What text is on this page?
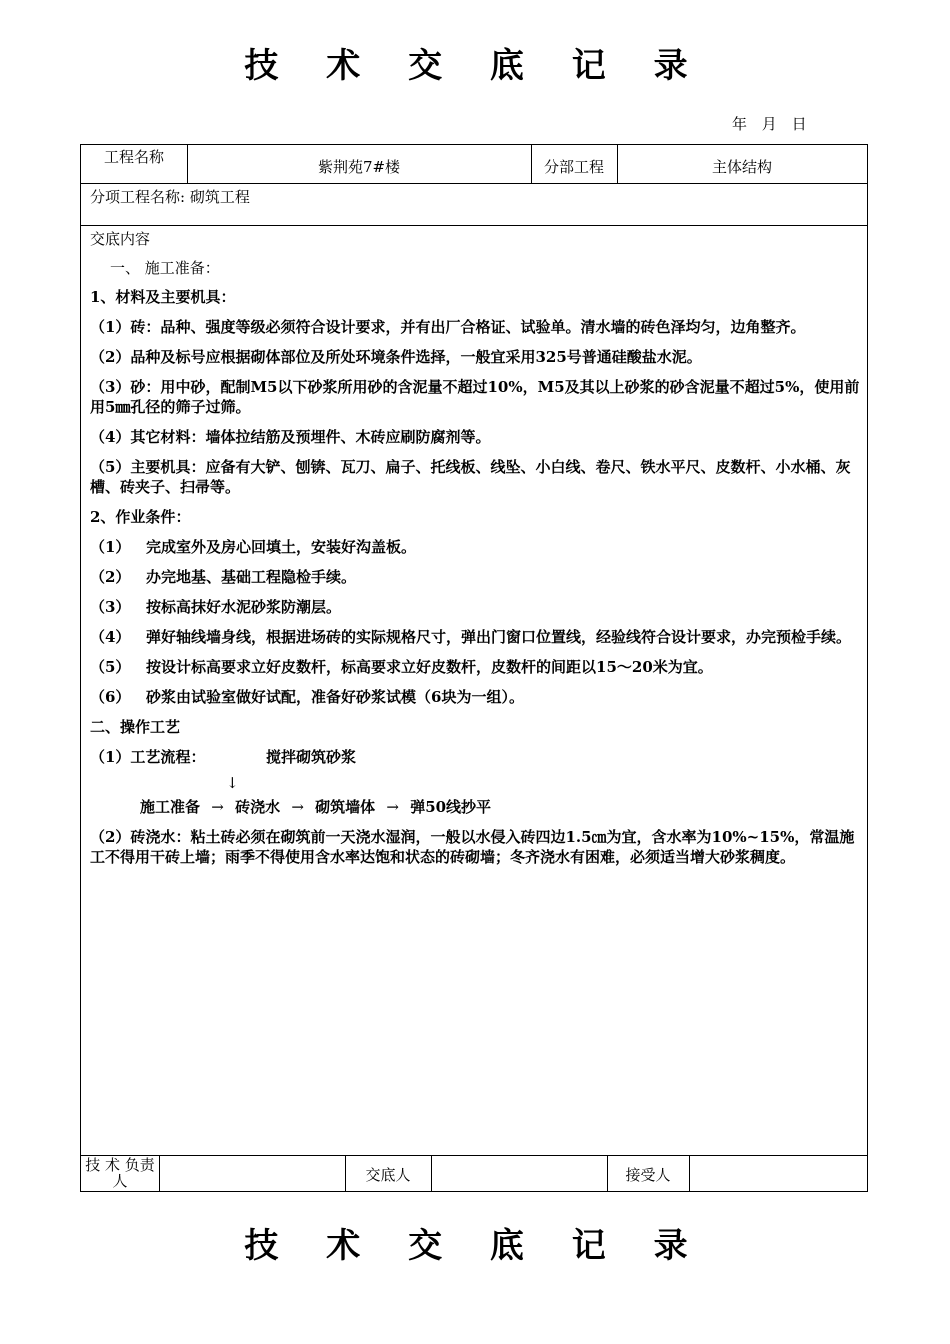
技 术 交 底 记 录
年 月 日
工程名称
紫荆苑7#楼	分部工程	主体结构
分项工程名称: 砌筑工程

交底内容

一、 施工准备：

1、材料及主要机具：

（1）砖：品种、强度等级必须符合设计要求，并有出厂合格证、试验单。清水墙的砖色泽均匀，边角整齐。

（2）品种及标号应根据砌体部位及所处环境条件选择，一般宜采用325号普通硅酸盐水泥。

（3）砂：用中砂，配制M5以下砂浆所用砂的含泥量不超过10%，M5及其以上砂浆的砂含泥量不超过5%，使用前用5㎜孔径的筛子过筛。

（4）其它材料：墙体拉结筋及预埋件、木砖应刷防腐剂等。

（5）主要机具：应备有大铲、刨锛、瓦刀、扁子、托线板、线坠、小白线、卷尺、铁水平尺、皮数杆、小水桶、灰槽、砖夹子、扫帚等。

2、作业条件：

（1）	完成室外及房心回填土，安装好沟盖板。
（2）	办完地基、基础工程隐检手续。
（3）	按标高抹好水泥砂浆防潮层。
（4）	弹好轴线墙身线，根据进场砖的实际规格尺寸，弹出门窗口位置线，经验线符合设计要求，办完预检手续。
（5）	按设计标高要求立好皮数杆，标高要求立好皮数杆，皮数杆的间距以15～20米为宜。
（6）	砂浆由试验室做好试配，准备好砂浆试模（6块为一组）。

二、操作工艺

（1）工艺流程：	搅拌砌筑砂浆
↓
施工准备 → 砖浇水 → 砌筑墙体 → 弹50线抄平

（2）砖浇水：粘土砖必须在砌筑前一天浇水湿润，一般以水侵入砖四边1.5㎝为宜，含水率为10%~15%，常温施工不得用干砖上墙；雨季不得使用含水率达饱和状态的砖砌墙；冬齐浇水有困难，必须适当增大砂浆稠度。

技 术 负责人	交底人	接受人
技 术 交 底 记 录
